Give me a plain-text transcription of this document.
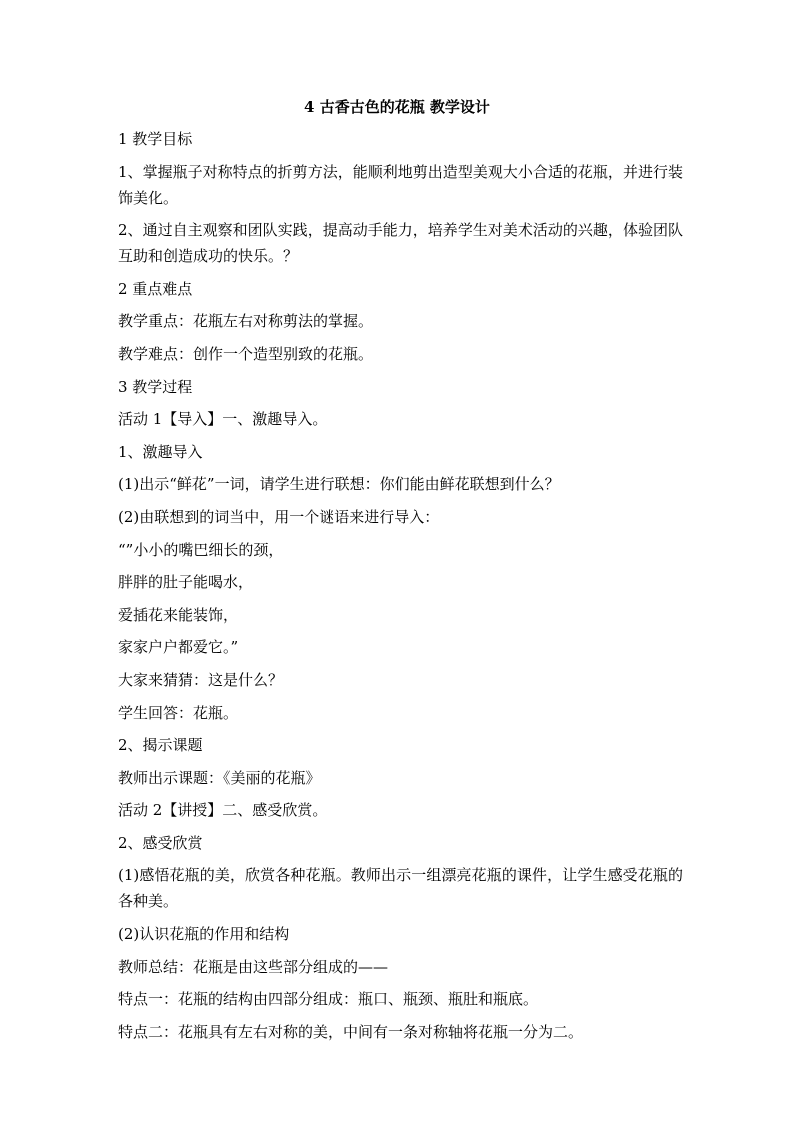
4 古香古色的花瓶 教学设计

1 教学目标

1、掌握瓶子对称特点的折剪方法，能顺利地剪出造型美观大小合适的花瓶，并进行装饰美化。

2、通过自主观察和团队实践，提高动手能力，培养学生对美术活动的兴趣，体验团队互助和创造成功的快乐。？

2 重点难点

教学重点：花瓶左右对称剪法的掌握。

教学难点：创作一个造型别致的花瓶。

3 教学过程

活动 1【导入】一、激趣导入。

1、激趣导入

(1)出示“鲜花”一词，请学生进行联想：你们能由鲜花联想到什么？

(2)由联想到的词当中，用一个谜语来进行导入：

“”小小的嘴巴细长的颈，

胖胖的肚子能喝水，

爱插花来能装饰，

家家户户都爱它。”

大家来猜猜：这是什么？

学生回答：花瓶。

2、揭示课题

教师出示课题：《美丽的花瓶》

活动 2【讲授】二、感受欣赏。

2、感受欣赏

(1)感悟花瓶的美，欣赏各种花瓶。教师出示一组漂亮花瓶的课件，让学生感受花瓶的各种美。

(2)认识花瓶的作用和结构

教师总结：花瓶是由这些部分组成的——

特点一：花瓶的结构由四部分组成：瓶口、瓶颈、瓶肚和瓶底。

特点二：花瓶具有左右对称的美，中间有一条对称轴将花瓶一分为二。
